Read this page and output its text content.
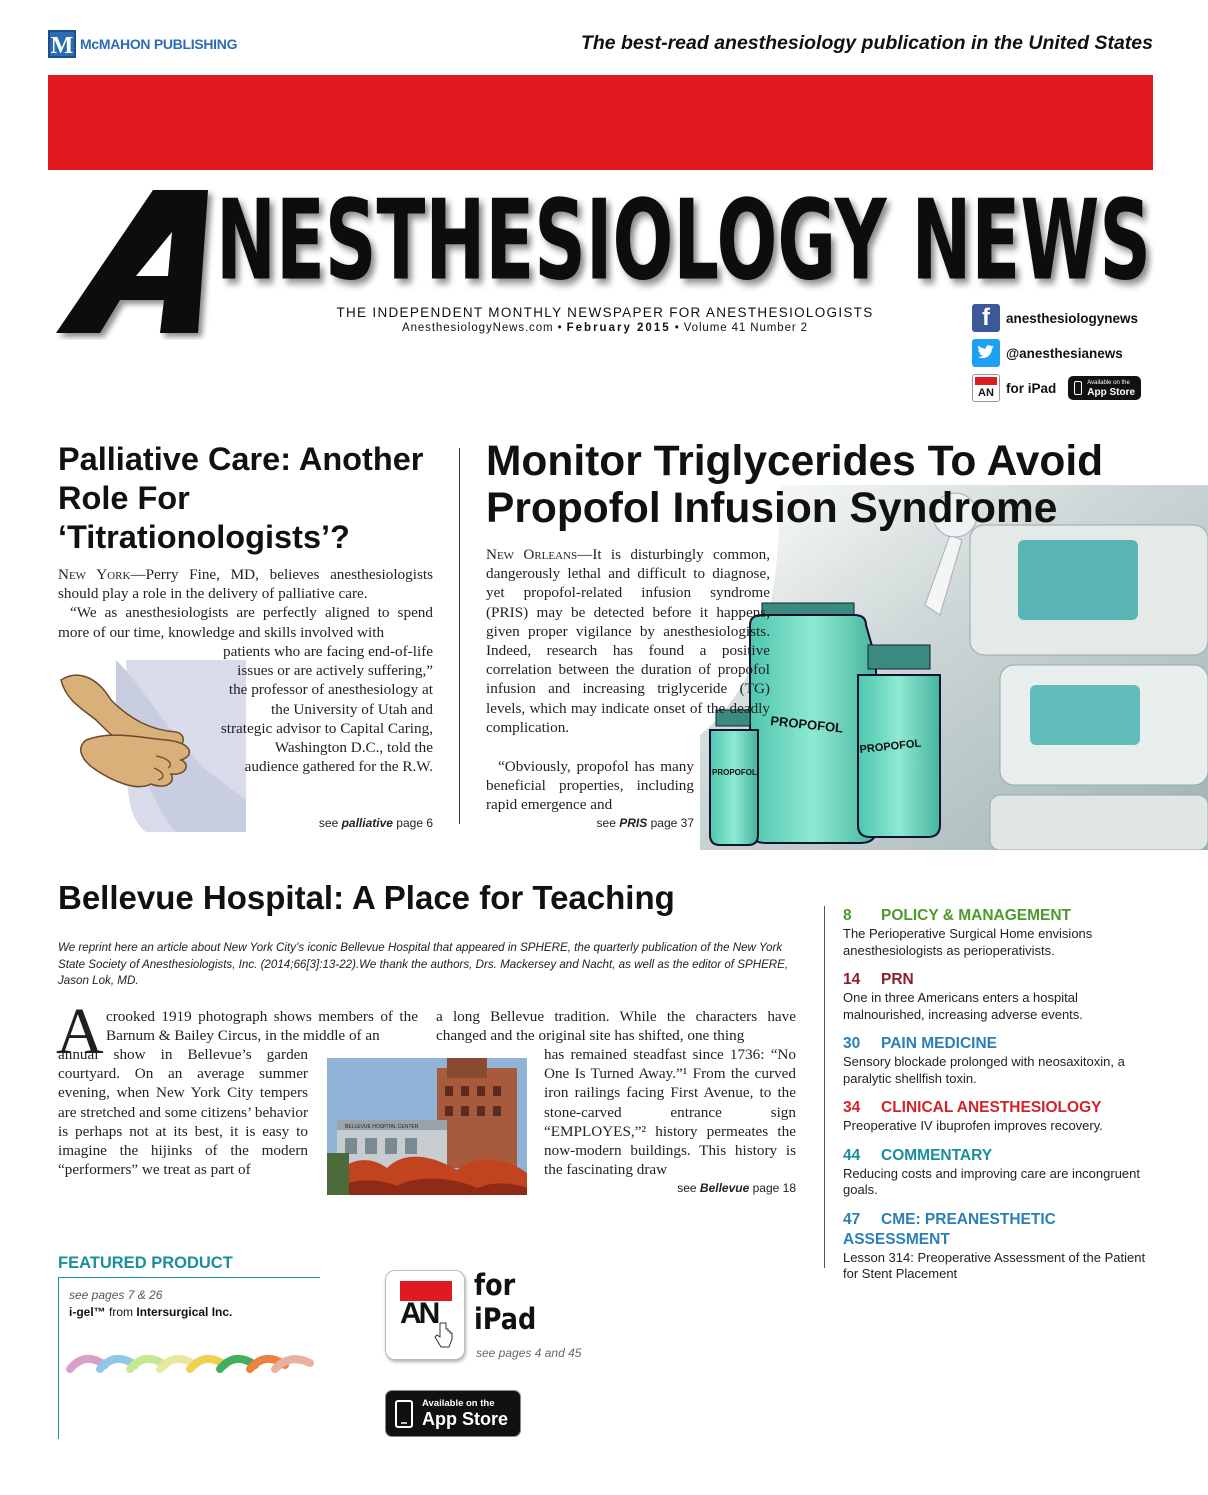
M McMAHON PUBLISHING	The best-read anesthesiology publication in the United States
A
NESTHESIOLOGY NEWS
THE INDEPENDENT MONTHLY NEWSPAPER FOR ANESTHESIOLOGISTS
AnesthesiologyNews.com • February 2015 • Volume 41 Number 2	f	anesthesiologynews
@anesthesianews
AN for iPad	Available on the
App Store
Palliative Care: Another Role For ‘Titrationologists’?
New York—Perry Fine, MD, believes anesthesiologists should play a role in the delivery of palliative care.
“We as anesthesiologists are perfectly aligned to spend more of our time, knowledge and skills involved with
patients who are facing end-of-life issues or are actively suffering,” the professor of anesthesiology at the University of Utah and strategic advisor to Capital Caring, Washington D.C., told the audience gathered for the R.W.
see palliative page 6
PROPOFOL
PROPOFOL
PROPOFOL
Monitor Triglycerides To Avoid Propofol Infusion Syndrome
New Orleans—It is disturbingly common, dangerously lethal and difficult to diagnose, yet propofol-related infusion syndrome (PRIS) may be detected before it happens, given proper vigilance by anesthesiologists. Indeed, research has found a positive correlation between the duration of propofol infusion and increasing triglyceride (TG) levels, which may indicate onset of the deadly complication.
“Obviously, propofol has many beneficial properties, including rapid emergence and
see PRIS page 37
Bellevue Hospital: A Place for Teaching
We reprint here an article about New York City’s iconic Bellevue Hospital that appeared in SPHERE, the quarterly publication of the New York State Society of Anesthesiologists, Inc. (2014;66[3]:13-22).We thank the authors, Drs. Mackersey and Nacht, as well as the editor of SPHERE, Jason Lok, MD.
A crooked 1919 photograph shows members of the Barnum & Bailey Circus, in the middle of an
annual show in Bellevue’s garden courtyard. On an average summer evening, when New York City tempers are stretched and some citizens’ behavior is perhaps not at its best, it is easy to imagine the hijinks of the modern “performers” we treat as part of
BELLEVUE HOSPITAL CENTER
a long Bellevue tradition. While the characters have changed and the original site has shifted, one thing
has remained steadfast since 1736: “No One Is Turned Away.”¹ From the curved iron railings facing First Avenue, to the stone-carved entrance sign “EMPLOYES,”² history permeates the now-modern buildings. This history is the fascinating draw
see Bellevue page 18
8 POLICY & MANAGEMENT
The Perioperative Surgical Home envisions anesthesiologists as perioperativists.
14 PRN
One in three Americans enters a hospital malnourished, increasing adverse events.
30 PAIN MEDICINE
Sensory blockade prolonged with neosaxitoxin, a paralytic shellfish toxin.
34 CLINICAL ANESTHESIOLOGY
Preoperative IV ibuprofen improves recovery.
44 COMMENTARY
Reducing costs and improving care are incongruent goals.
47 CME: PREANESTHETIC ASSESSMENT
Lesson 314: Preoperative Assessment of the Patient for Stent Placement
FEATURED PRODUCT
see pages 7 & 26
i-gel™ from Intersurgical Inc.	AN
for
iPad
see pages 4 and 45
Available on the
App Store
